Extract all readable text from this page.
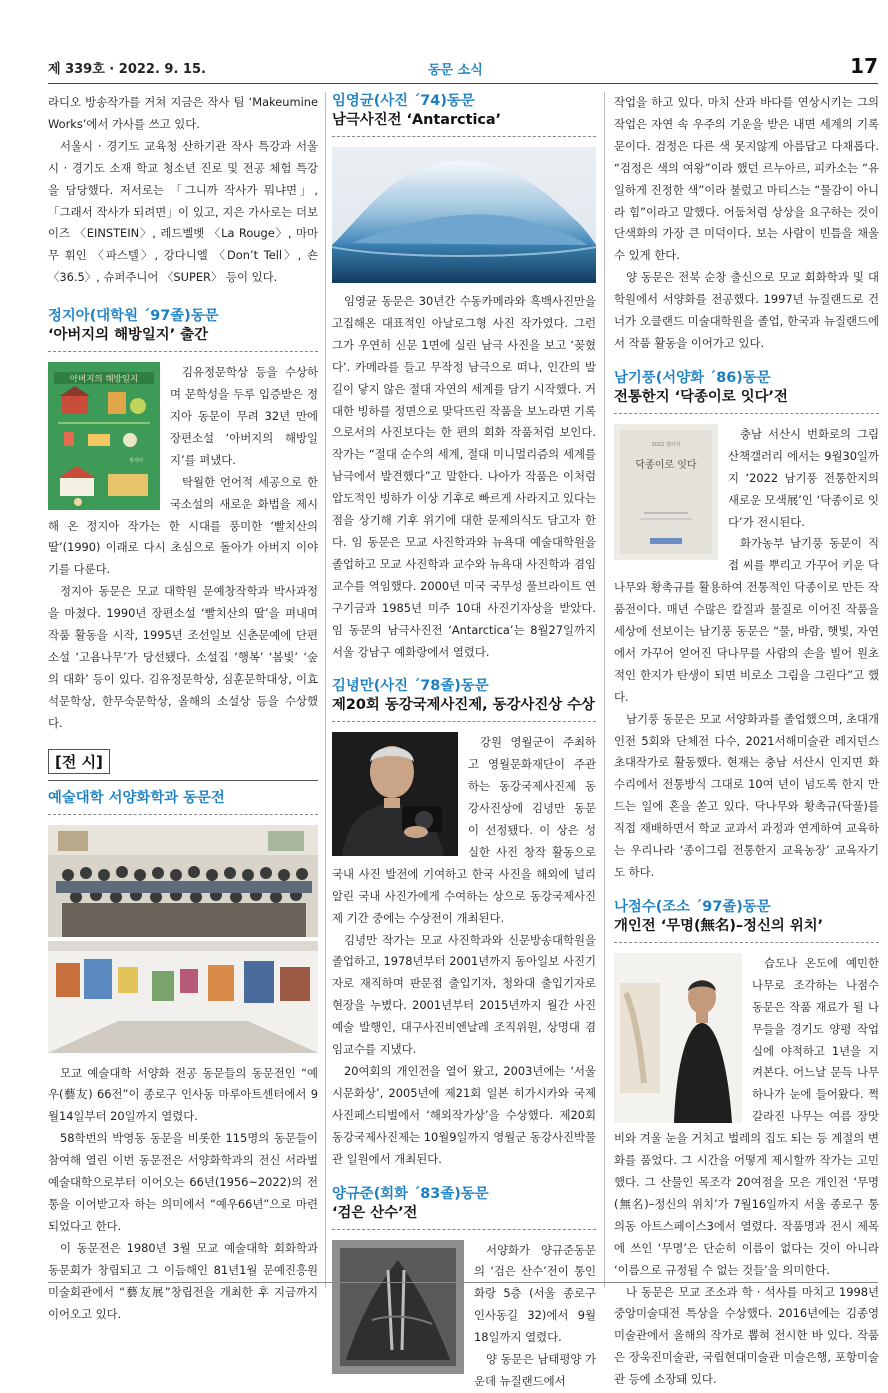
제 339호 · 2022. 9. 15.	동문 소식	17

라디오 방송작가를 거쳐 지금은 작사 팀 ‘Makeumine Works’에서 가사를 쓰고 있다.

서울시 · 경기도 교육청 산하기관 작사 특강과 서울시 · 경기도 소재 학교 청소년 진로 및 전공 체험 특강을 담당했다. 저서로는 「그니까 작사가 뭐냐면」, 「그래서 작사가 되려면」이 있고, 지은 가사로는 더보이즈 〈EINSTEIN〉, 레드벨벳 〈La Rouge〉, 마마무 휘인 〈파스텔〉, 강다니엘 〈Don’t Tell〉, 숀 〈36.5〉, 슈퍼주니어 〈SUPER〉 등이 있다.

정지아(대학원 ´97졸)동문
‘아버지의 해방일지’ 출간
아버지의 해방일지
정지아

김유정문학상 등을 수상하며 문학성을 두루 입증받은 정지아 동문이 무려 32년 만에 장편소설 ‘아버지의 해방일지’를 펴냈다.

탁월한 언어적 세공으로 한국소설의 새로운 화법을 제시해 온 정지아 작가는 한 시대를 풍미한 ‘빨치산의 딸’(1990) 이래로 다시 초심으로 돌아가 아버지 이야기를 다룬다.

정지아 동문은 모교 대학원 문예창작학과 박사과정을 마쳤다. 1990년 장편소설 ‘빨치산의 딸’을 펴내며 작품 활동을 시작, 1995년 조선일보 신춘문예에 단편소설 ‘고욤나무’가 당선됐다. 소설집 ‘행복’ ‘봄빛’ ‘숲의 대화’ 등이 있다. 김유정문학상, 심훈문학대상, 이효석문학상, 한무숙문학상, 올해의 소설상 등을 수상했다.

[전 시]
예술대학 서양화학과 동문전

모교 예술대학 서양화 전공 동문들의 동문전인 “예우(藝友) 66전”이 종로구 인사동 마루아트센터에서 9월14일부터 20일까지 열렸다.

58학번의 박영동 동문을 비롯한 115명의 동문들이 참여해 열린 이번 동문전은 서양화학과의 전신 서라벌예술대학으로부터 이어오는 66년(1956~2022)의 전통을 이어받고자 하는 의미에서 “예우66년”으로 마련되었다고 한다.

이 동문전은 1980년 3월 모교 예술대학 회화학과 동문회가 창립되고 그 이듬해인 81년1월 문예진흥원 미술회관에서 “藝友展”창립전을 개최한 후 지금까지 이어오고 있다.

임영균(사진 ´74)동문
남극사진전 ‘Antarctica’

임영균 동문은 30년간 수동카메라와 흑백사진만을 고집해온 대표적인 아날로그형 사진 작가였다. 그런 그가 우연히 신문 1면에 실린 남극 사진을 보고 ‘꽂혔다’. 카메라를 들고 무작정 남극으로 떠나, 인간의 발길이 닿지 않은 절대 자연의 세계를 담기 시작했다. 거대한 빙하를 정면으로 맞닥뜨린 작품을 보노라면 기록으로서의 사진보다는 한 편의 회화 작품처럼 보인다. 작가는 “절대 순수의 세계, 절대 미니멀리즘의 세계를 남극에서 발견했다”고 말한다. 나아가 작품은 이처럼 압도적인 빙하가 이상 기후로 빠르게 사라지고 있다는 점을 상기해 기후 위기에 대한 문제의식도 담고자 한다. 임 동문은 모교 사진학과와 뉴욕대 예술대학원을 졸업하고 모교 사진학과 교수와 뉴욕대 사진학과 겸임교수를 역임했다. 2000년 미국 국무성 풀브라이트 연구기금과 1985년 미주 10대 사진기자상을 받았다. 임 동문의 남극사진전 ‘Antarctica’는 8월27일까지 서울 강남구 예화랑에서 열렸다.

김녕만(사진 ´78졸)동문
제20회 동강국제사진제, 동강사진상 수상

강원 영월군이 주최하고 영월문화재단이 주관하는 동강국제사진제 동강사진상에 김녕만 동문이 선정됐다. 이 상은 성실한 사진 창작 활동으로 국내 사진 발전에 기여하고 한국 사진을 해외에 널리 알린 국내 사진가에게 수여하는 상으로 동강국제사진제 기간 중에는 수상전이 개최된다.

김녕만 작가는 모교 사진학과와 신문방송대학원을 졸업하고, 1978년부터 2001년까지 동아일보 사진기자로 재직하며 판문점 출입기자, 청와대 출입기자로 현장을 누볐다. 2001년부터 2015년까지 월간 사진예술 발행인, 대구사진비엔날레 조직위원, 상명대 겸임교수를 지냈다.

20여회의 개인전을 열어 왔고, 2003년에는 ‘서울 시문화상’, 2005년에 제21회 일본 히가시카와 국제사진페스티벌에서 ‘해외작가상’을 수상했다. 제20회 동강국제사진제는 10월9일까지 영월군 동강사진박물관 일원에서 개최된다.

양규준(회화 ´83졸)동문
‘검은 산수’전

서양화가 양규준동문의 ‘검은 산수’전이 통인화랑 5층 (서울 종로구 인사동길 32)에서 9월 18일까지 열렸다.

양 동문은 남태평양 가운데 뉴질랜드에서

작업을 하고 있다. 마치 산과 바다를 연상시키는 그의 작업은 자연 속 우주의 기운을 받은 내면 세계의 기록문이다. 검정은 다른 색 못지않게 아름답고 다채롭다. “검정은 색의 여왕”이라 했던 르누아르, 피카소는 “유일하게 진정한 색”이라 불렀고 마티스는 “물감이 아니라 힘”이라고 말했다. 어둠처럼 상상을 요구하는 것이 단색화의 가장 큰 미덕이다. 보는 사람이 빈틈을 채울 수 있게 한다.

양 동문은 전북 순창 출신으로 모교 회화학과 및 대학원에서 서양화를 전공했다. 1997년 뉴질랜드로 건너가 오클랜드 미술대학원을 졸업, 한국과 뉴질랜드에서 작품 활동을 이어가고 있다.

남기풍(서양화 ´86)동문
전통한지 ‘닥종이로 잇다’전
2022 갤러리
닥종이로 잇다

충남 서산시 번화로의 그림산책갤러리 에서는 9월30일까지 ‘2022 남기풍 전통한지의 새로운 모색展’인 ‘닥종이로 잇다’가 전시된다.

화가농부 남기풍 동문이 직접 씨를 뿌리고 가꾸어 키운 닥나무와 황촉규를 활용하여 전통적인 닥종이로 만든 작품전이다. 매년 수많은 칼질과 물질로 이어진 작품을 세상에 선보이는 남기풍 동문은 “물, 바람, 햇빛, 자연에서 가꾸어 얻어진 닥나무를 사람의 손을 빌어 원초적인 한지가 탄생이 되면 비로소 그림을 그린다”고 했다.

남기풍 동문은 모교 서양화과를 졸업했으며, 초대개인전 5회와 단체전 다수, 2021서해미술관 레지던스 초대작가로 활동했다. 현재는 충남 서산시 인지면 화수리에서 전통방식 그대로 10여 년이 넘도록 한지 만드는 일에 혼을 쏟고 있다. 닥나무와 황촉규(닥풀)를 직접 재배하면서 학교 교과서 과정과 연계하여 교육하는 우리나라 ‘종이그림 전통한지 교육농장’ 교육자기도 하다.

나점수(조소 ´97졸)동문
개인전 ‘무명(無名)–정신의 위치’

습도나 온도에 예민한 나무로 조각하는 나점수 동문은 작품 재료가 될 나무들을 경기도 양평 작업실에 야적하고 1년을 지켜본다. 어느날 문득 나무 하나가 눈에 들어왔다. 쩍 갈라진 나무는 여름 장맛비와 겨울 눈을 거치고 벌레의 집도 되는 등 계절의 변화를 품었다. 그 시간을 어떻게 제시할까 작가는 고민했다. 그 산물인 목조각 20여점을 모은 개인전 ‘무명(無名)–정신의 위치’가 7월16일까지 서울 종로구 통의동 아트스페이스3에서 열렸다. 작품명과 전시 제목에 쓰인 ‘무명’은 단순히 이름이 없다는 것이 아니라 ‘이름으로 규정될 수 없는 것들’을 의미한다.

나 동문은 모교 조소과 학 · 석사를 마치고 1998년 중앙미술대전 특상을 수상했다. 2016년에는 김종영미술관에서 올해의 작가로 뽑혀 전시한 바 있다. 작품은 장욱진미술관, 국립현대미술관 미술은행, 포항미술관 등에 소장돼 있다.
